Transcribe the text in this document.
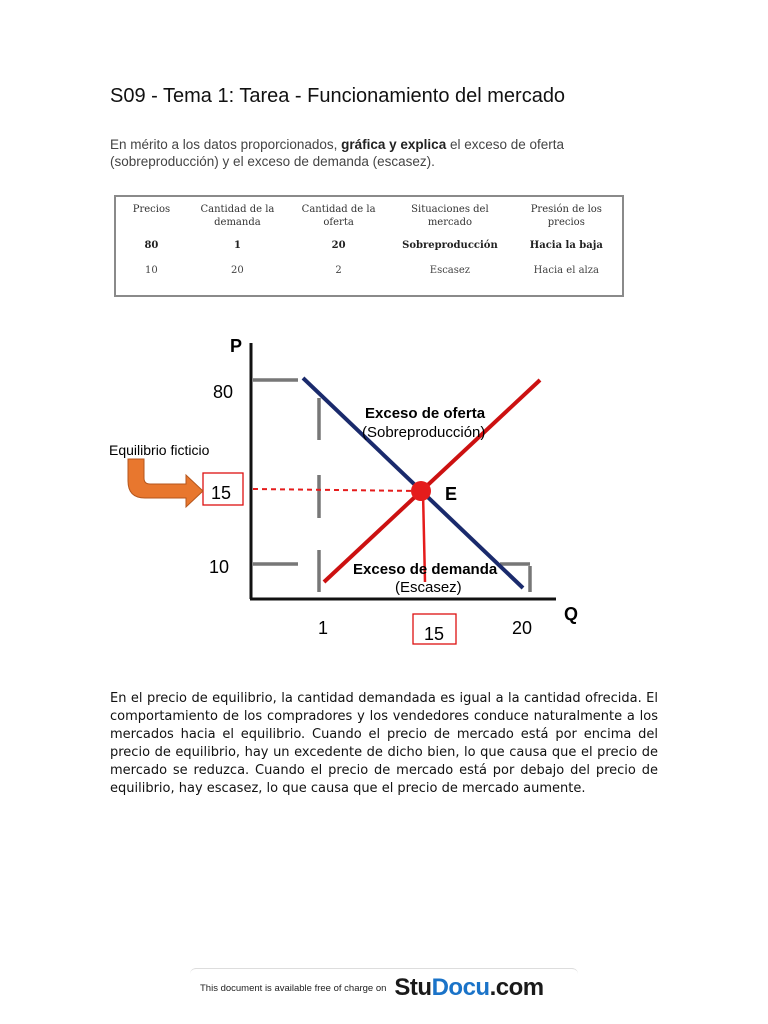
S09 - Tema 1: Tarea - Funcionamiento del mercado
En mérito a los datos proporcionados, gráfica y explica el exceso de oferta (sobreproducción) y el exceso de demanda (escasez).
Precios	Cantidad de la demanda	Cantidad de la oferta	Situaciones del mercado	Presión de los precios
80	1	20	Sobreproducción	Hacia la baja
10	20	2	Escasez	Hacia el alza
P
Q
E
80
15
10
1	15	20
Exceso de oferta
(Sobreproducción)
Exceso de demanda
(Escasez)
Equilibrio ficticio
En el precio de equilibrio, la cantidad demandada es igual a la cantidad ofrecida. El comportamiento de los compradores y los vendedores conduce naturalmente a los mercados hacia el equilibrio. Cuando el precio de mercado está por encima del precio de equilibrio, hay un excedente de dicho bien, lo que causa que el precio de mercado se reduzca. Cuando el precio de mercado está por debajo del precio de equilibrio, hay escasez, lo que causa que el precio de mercado aumente.
This document is available free of charge on StuDocu.com
